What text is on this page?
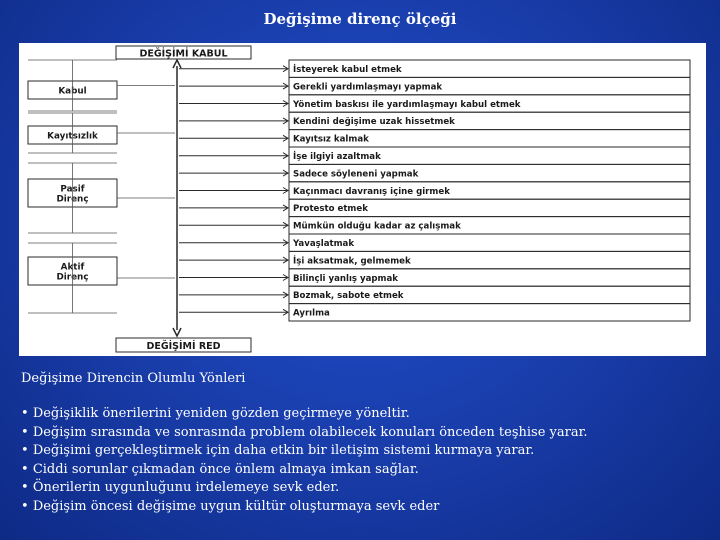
Değişime direnç ölçeği
DEĞİŞİMİ KABUL
DEĞİŞİMİ RED
İsteyerek kabul etmek
Gerekli yardımlaşmayı yapmak
Yönetim baskısı ile yardımlaşmayı kabul etmek
Kendini değişime uzak hissetmek
Kayıtsız kalmak
İşe ilgiyi azaltmak
Sadece söyleneni yapmak
Kaçınmacı davranış içine girmek
Protesto etmek
Mümkün olduğu kadar az çalışmak
Yavaşlatmak
İşi aksatmak, gelmemek
Bilinçli yanlış yapmak
Bozmak, sabote etmek
Ayrılma
Kabul
Kayıtsızlık
Pasif
Direnç
Aktif
Direnç
Değişime Direncin Olumlu Yönleri
• Değişiklik önerilerini yeniden gözden geçirmeye yöneltir.
• Değişim sırasında ve sonrasında problem olabilecek konuları önceden teşhise yarar.
• Değişimi gerçekleştirmek için daha etkin bir iletişim sistemi kurmaya yarar.
• Ciddi sorunlar çıkmadan önce önlem almaya imkan sağlar.
• Önerilerin uygunluğunu irdelemeye sevk eder.
• Değişim öncesi değişime uygun kültür oluşturmaya sevk eder
